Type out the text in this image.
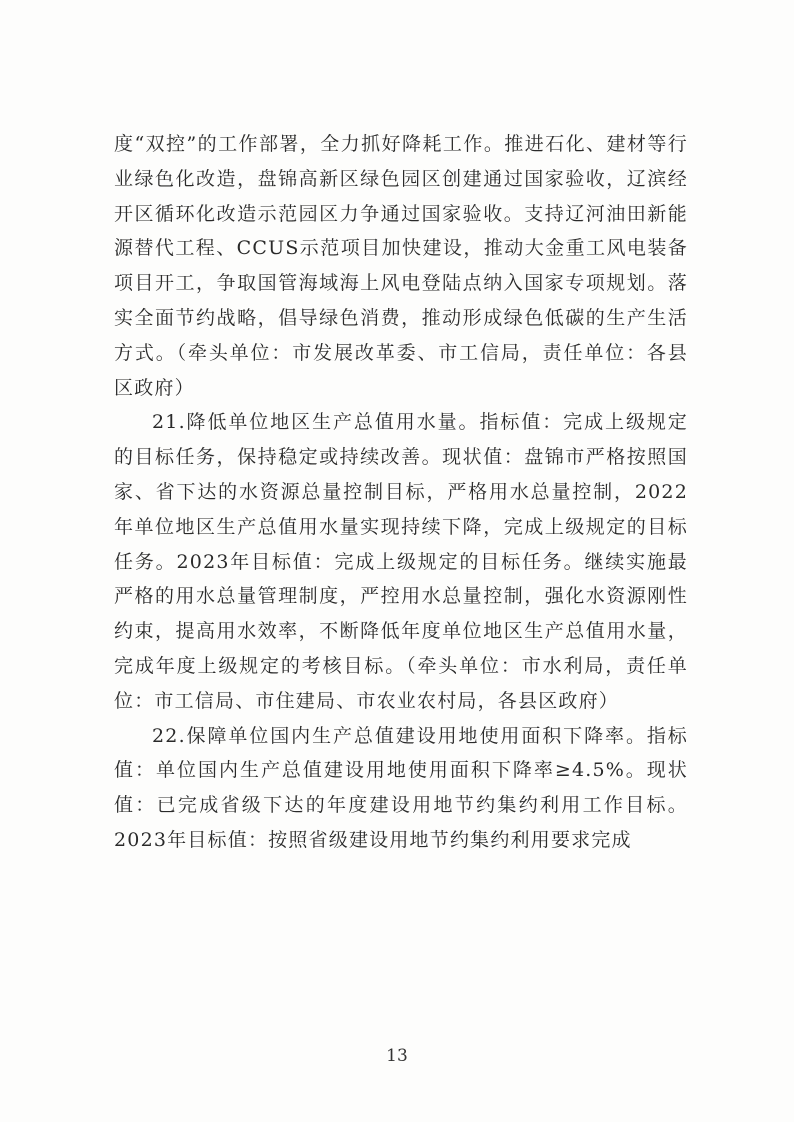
度“双控”的工作部署，全力抓好降耗工作。推进石化、建材等行业绿色化改造，盘锦高新区绿色园区创建通过国家验收，辽滨经开区循环化改造示范园区力争通过国家验收。支持辽河油田新能源替代工程、CCUS示范项目加快建设，推动大金重工风电装备项目开工，争取国管海域海上风电登陆点纳入国家专项规划。落实全面节约战略，倡导绿色消费，推动形成绿色低碳的生产生活方式。（牵头单位：市发展改革委、市工信局，责任单位：各县区政府）

21.降低单位地区生产总值用水量。指标值：完成上级规定的目标任务，保持稳定或持续改善。现状值：盘锦市严格按照国家、省下达的水资源总量控制目标，严格用水总量控制，2022年单位地区生产总值用水量实现持续下降，完成上级规定的目标任务。2023年目标值：完成上级规定的目标任务。继续实施最严格的用水总量管理制度，严控用水总量控制，强化水资源刚性约束，提高用水效率，不断降低年度单位地区生产总值用水量，完成年度上级规定的考核目标。（牵头单位：市水利局，责任单位：市工信局、市住建局、市农业农村局，各县区政府）

22.保障单位国内生产总值建设用地使用面积下降率。指标值：单位国内生产总值建设用地使用面积下降率≥4.5%。现状值：已完成省级下达的年度建设用地节约集约利用工作目标。2023年目标值：按照省级建设用地节约集约利用要求完成

13
